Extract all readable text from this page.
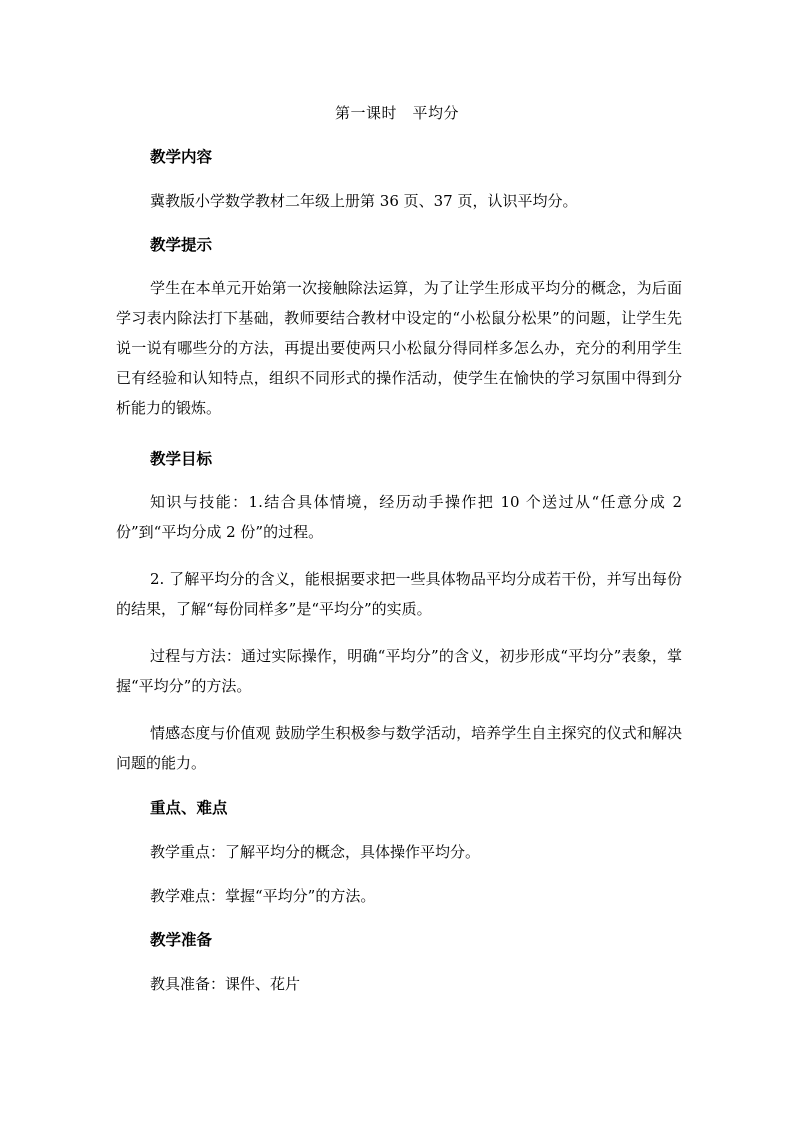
第一课时　平均分
教学内容
冀教版小学数学教材二年级上册第 36 页、37 页，认识平均分。
教学提示

学生在本单元开始第一次接触除法运算，为了让学生形成平均分的概念，为后面学习表内除法打下基础，教师要结合教材中设定的“小松鼠分松果”的问题，让学生先说一说有哪些分的方法，再提出要使两只小松鼠分得同样多怎么办，充分的利用学生已有经验和认知特点，组织不同形式的操作活动，使学生在愉快的学习氛围中得到分析能力的锻炼。

教学目标

知识与技能：1.结合具体情境，经历动手操作把 10 个送过从“任意分成 2 份”到“平均分成 2 份”的过程。

2. 了解平均分的含义，能根据要求把一些具体物品平均分成若干份，并写出每份的结果，了解“每份同样多”是“平均分”的实质。

过程与方法：通过实际操作，明确“平均分”的含义，初步形成“平均分”表象，掌握“平均分”的方法。

情感态度与价值观 鼓励学生积极参与数学活动，培养学生自主探究的仪式和解决问题的能力。

重点、难点
教学重点：了解平均分的概念，具体操作平均分。
教学难点：掌握“平均分”的方法。
教学准备
教具准备：课件、花片
